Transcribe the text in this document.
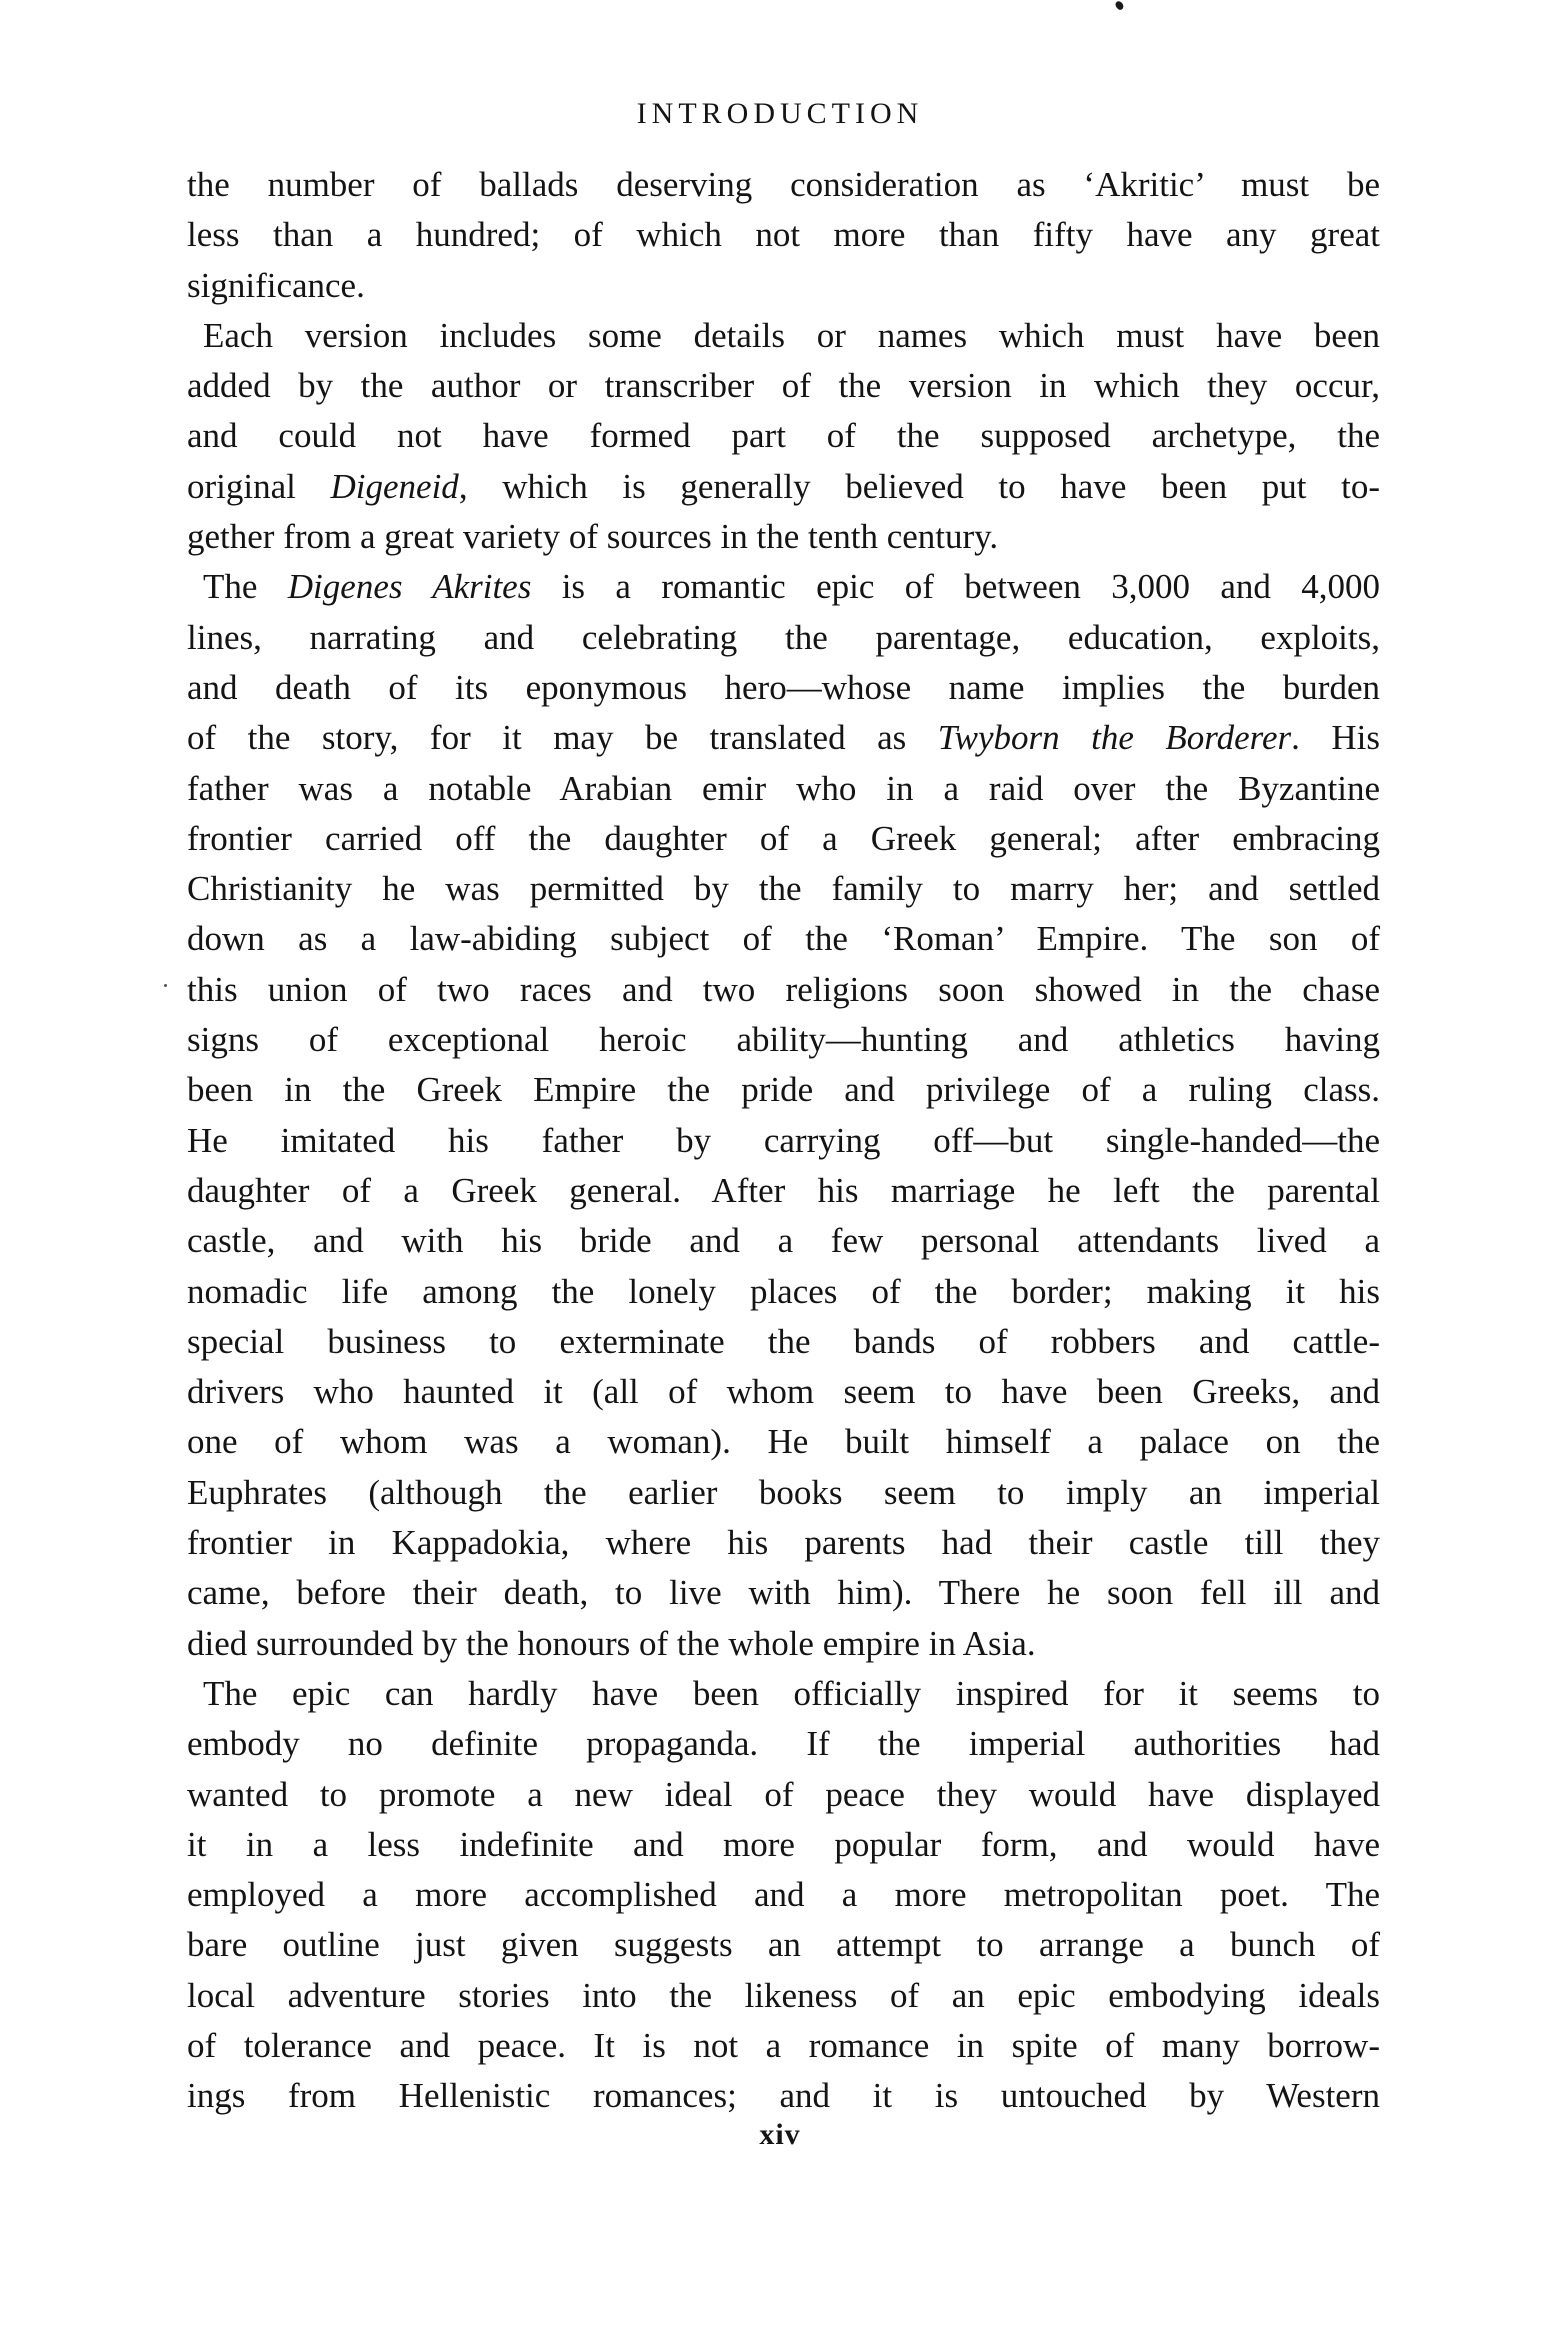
INTRODUCTION
the number of ballads deserving consideration as ‘Akritic’ must be
less than a hundred; of which not more than fifty have any great
significance.
Each version includes some details or names which must have been
added by the author or transcriber of the version in which they occur,
and could not have formed part of the supposed archetype, the
original Digeneid, which is generally believed to have been put to-
gether from a great variety of sources in the tenth century.
The Digenes Akrites is a romantic epic of between 3,000 and 4,000
lines, narrating and celebrating the parentage, education, exploits,
and death of its eponymous hero—whose name implies the burden
of the story, for it may be translated as Twyborn the Borderer. His
father was a notable Arabian emir who in a raid over the Byzantine
frontier carried off the daughter of a Greek general; after embracing
Christianity he was permitted by the family to marry her; and settled
down as a law-abiding subject of the ‘Roman’ Empire. The son of
this union of two races and two religions soon showed in the chase
signs of exceptional heroic ability—hunting and athletics having
been in the Greek Empire the pride and privilege of a ruling class.
He imitated his father by carrying off—but single-handed—the
daughter of a Greek general. After his marriage he left the parental
castle, and with his bride and a few personal attendants lived a
nomadic life among the lonely places of the border; making it his
special business to exterminate the bands of robbers and cattle-
drivers who haunted it (all of whom seem to have been Greeks, and
one of whom was a woman). He built himself a palace on the
Euphrates (although the earlier books seem to imply an imperial
frontier in Kappadokia, where his parents had their castle till they
came, before their death, to live with him). There he soon fell ill and
died surrounded by the honours of the whole empire in Asia.
The epic can hardly have been officially inspired for it seems to
embody no definite propaganda. If the imperial authorities had
wanted to promote a new ideal of peace they would have displayed
it in a less indefinite and more popular form, and would have
employed a more accomplished and a more metropolitan poet. The
bare outline just given suggests an attempt to arrange a bunch of
local adventure stories into the likeness of an epic embodying ideals
of tolerance and peace. It is not a romance in spite of many borrow-
ings from Hellenistic romances; and it is untouched by Western
xiv
